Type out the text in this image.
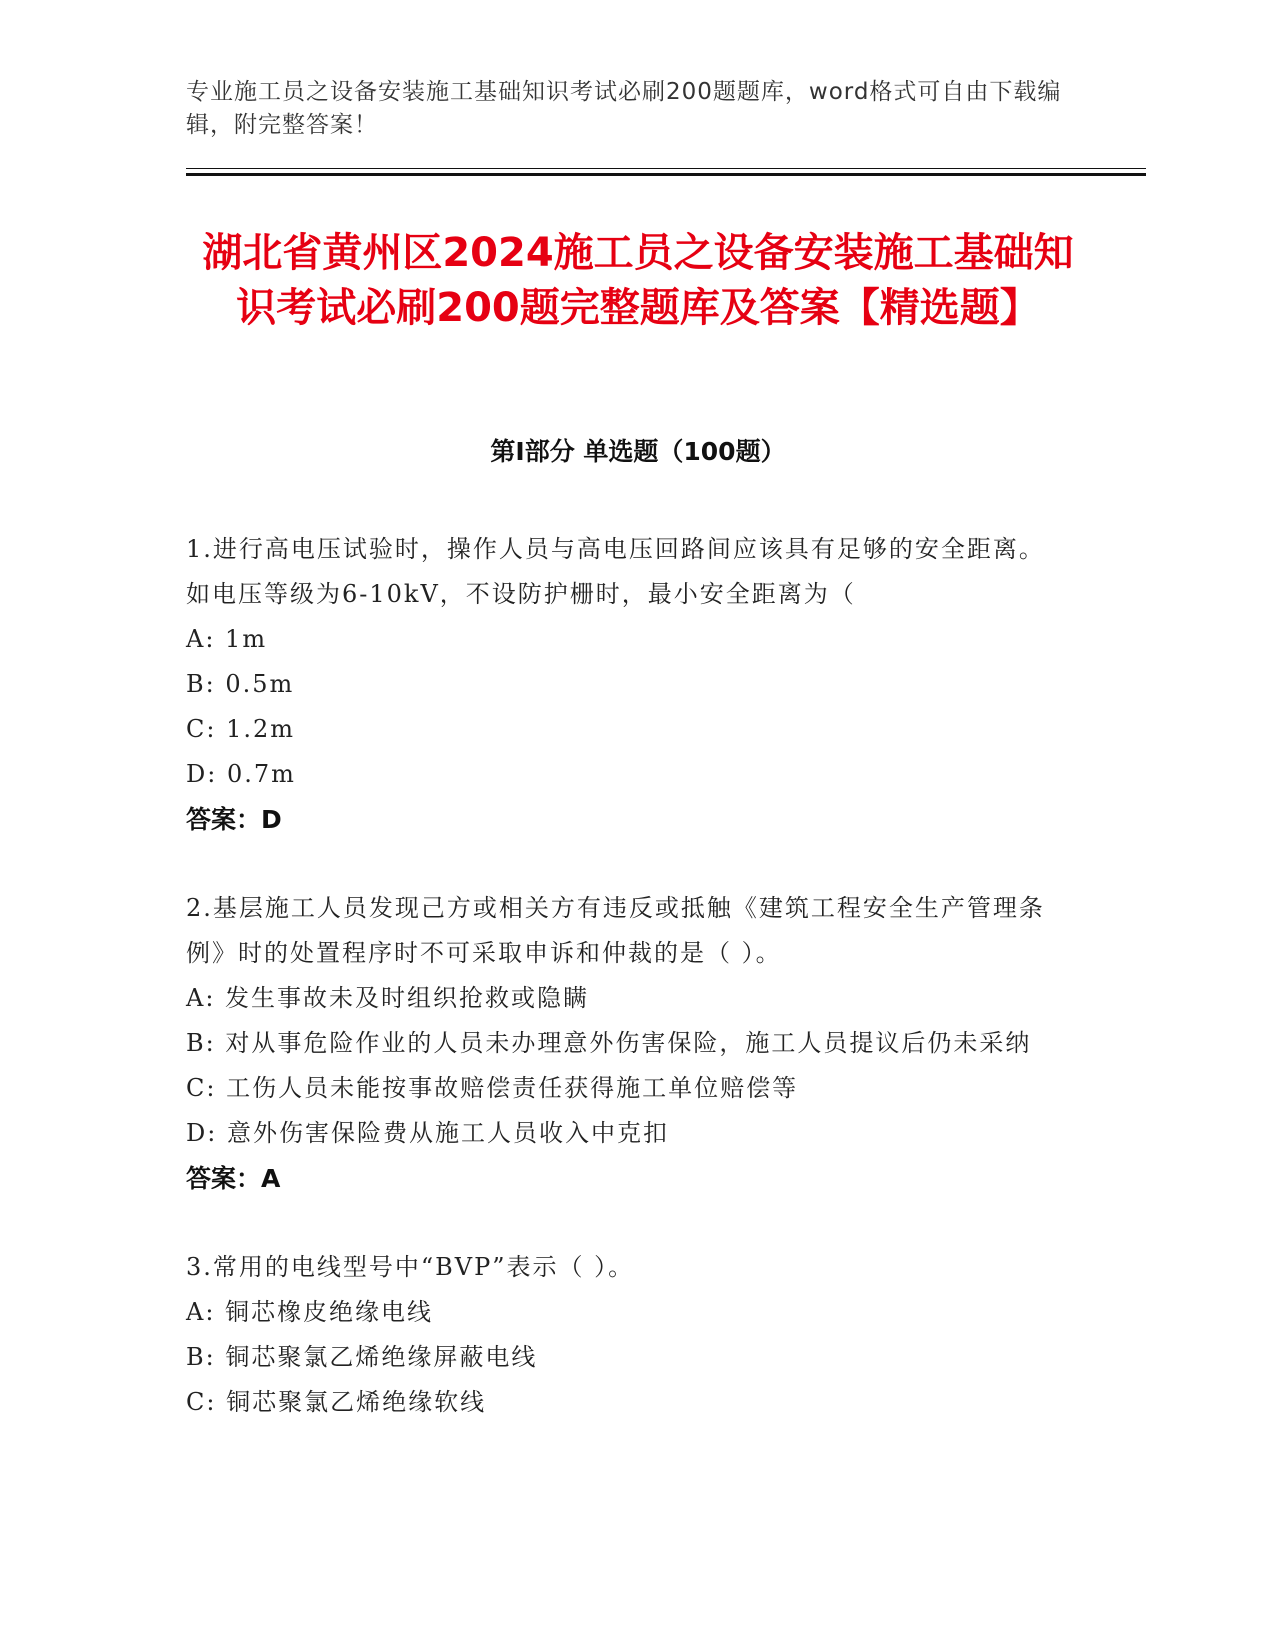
专业施工员之设备安装施工基础知识考试必刷200题题库，word格式可自由下载编辑，附完整答案！
湖北省黄州区2024施工员之设备安装施工基础知识考试必刷200题完整题库及答案【精选题】
第I部分 单选题（100题）
1.进行高电压试验时，操作人员与高电压回路间应该具有足够的安全距离。如电压等级为6-10kV，不设防护栅时，最小安全距离为（
A: 1m
B: 0.5m
C: 1.2m
D: 0.7m
答案：D
2.基层施工人员发现己方或相关方有违反或抵触《建筑工程安全生产管理条例》时的处置程序时不可采取申诉和仲裁的是（ ）。
A: 发生事故未及时组织抢救或隐瞒
B: 对从事危险作业的人员未办理意外伤害保险，施工人员提议后仍未采纳
C: 工伤人员未能按事故赔偿责任获得施工单位赔偿等
D: 意外伤害保险费从施工人员收入中克扣
答案：A
3.常用的电线型号中“BVP”表示（ ）。
A: 铜芯橡皮绝缘电线
B: 铜芯聚氯乙烯绝缘屏蔽电线
C: 铜芯聚氯乙烯绝缘软线
